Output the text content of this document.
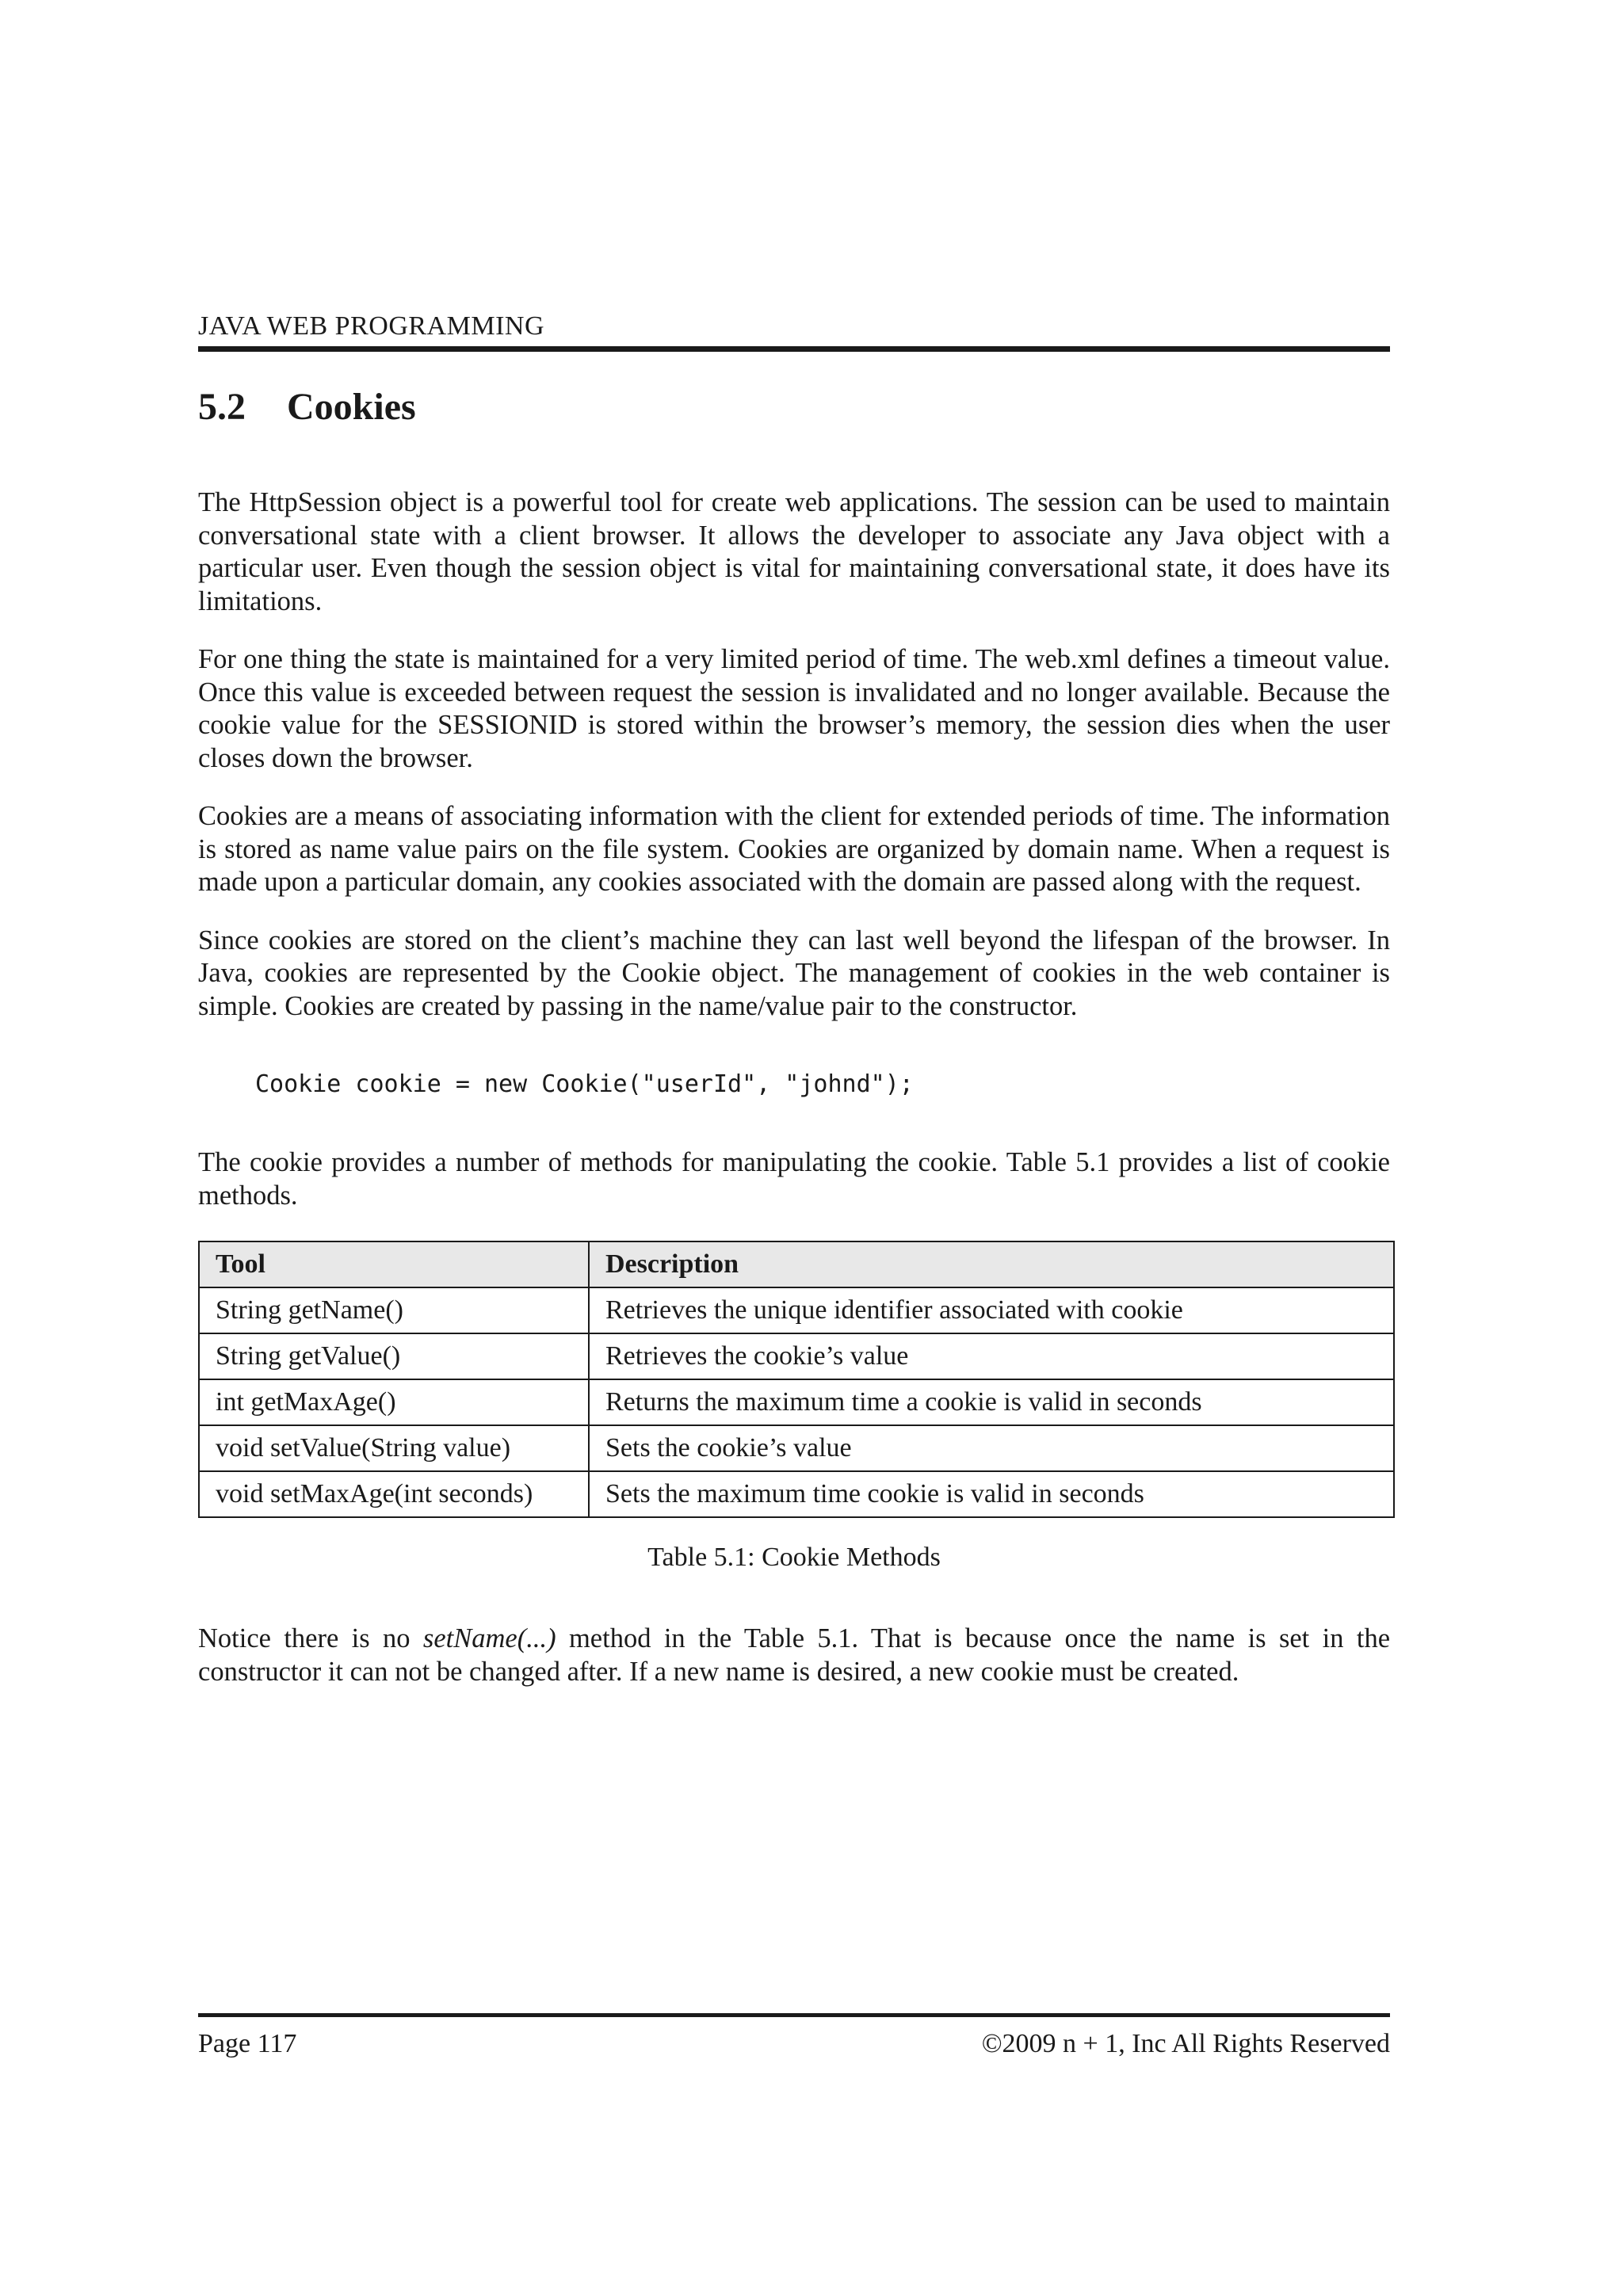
JAVA WEB PROGRAMMING
5.2 Cookies

The HttpSession object is a powerful tool for create web applications. The session can be used to maintain conversational state with a client browser. It allows the developer to associate any Java object with a particular user. Even though the session object is vital for maintaining conversational state, it does have its limitations.

For one thing the state is maintained for a very limited period of time. The web.xml defines a timeout value. Once this value is exceeded between request the session is invalidated and no longer available. Because the cookie value for the SESSIONID is stored within the browser’s memory, the session dies when the user closes down the browser.

Cookies are a means of associating information with the client for extended periods of time. The information is stored as name value pairs on the file system. Cookies are organized by domain name. When a request is made upon a particular domain, any cookies associated with the domain are passed along with the request.

Since cookies are stored on the client’s machine they can last well beyond the lifespan of the browser. In Java, cookies are represented by the Cookie object. The management of cookies in the web container is simple. Cookies are created by passing in the name/value pair to the constructor.

Cookie cookie = new Cookie("userId", "johnd");

The cookie provides a number of methods for manipulating the cookie. Table 5.1 provides a list of cookie methods.

Tool	Description
String getName()	Retrieves the unique identifier associated with cookie
String getValue()	Retrieves the cookie’s value
int getMaxAge()	Returns the maximum time a cookie is valid in seconds
void setValue(String value)	Sets the cookie’s value
void setMaxAge(int seconds)	Sets the maximum time cookie is valid in seconds
Table 5.1: Cookie Methods

Notice there is no setName(...) method in the Table 5.1. That is because once the name is set in the constructor it can not be changed after. If a new name is desired, a new cookie must be created.

Page 117	©2009 n + 1, Inc All Rights Reserved
